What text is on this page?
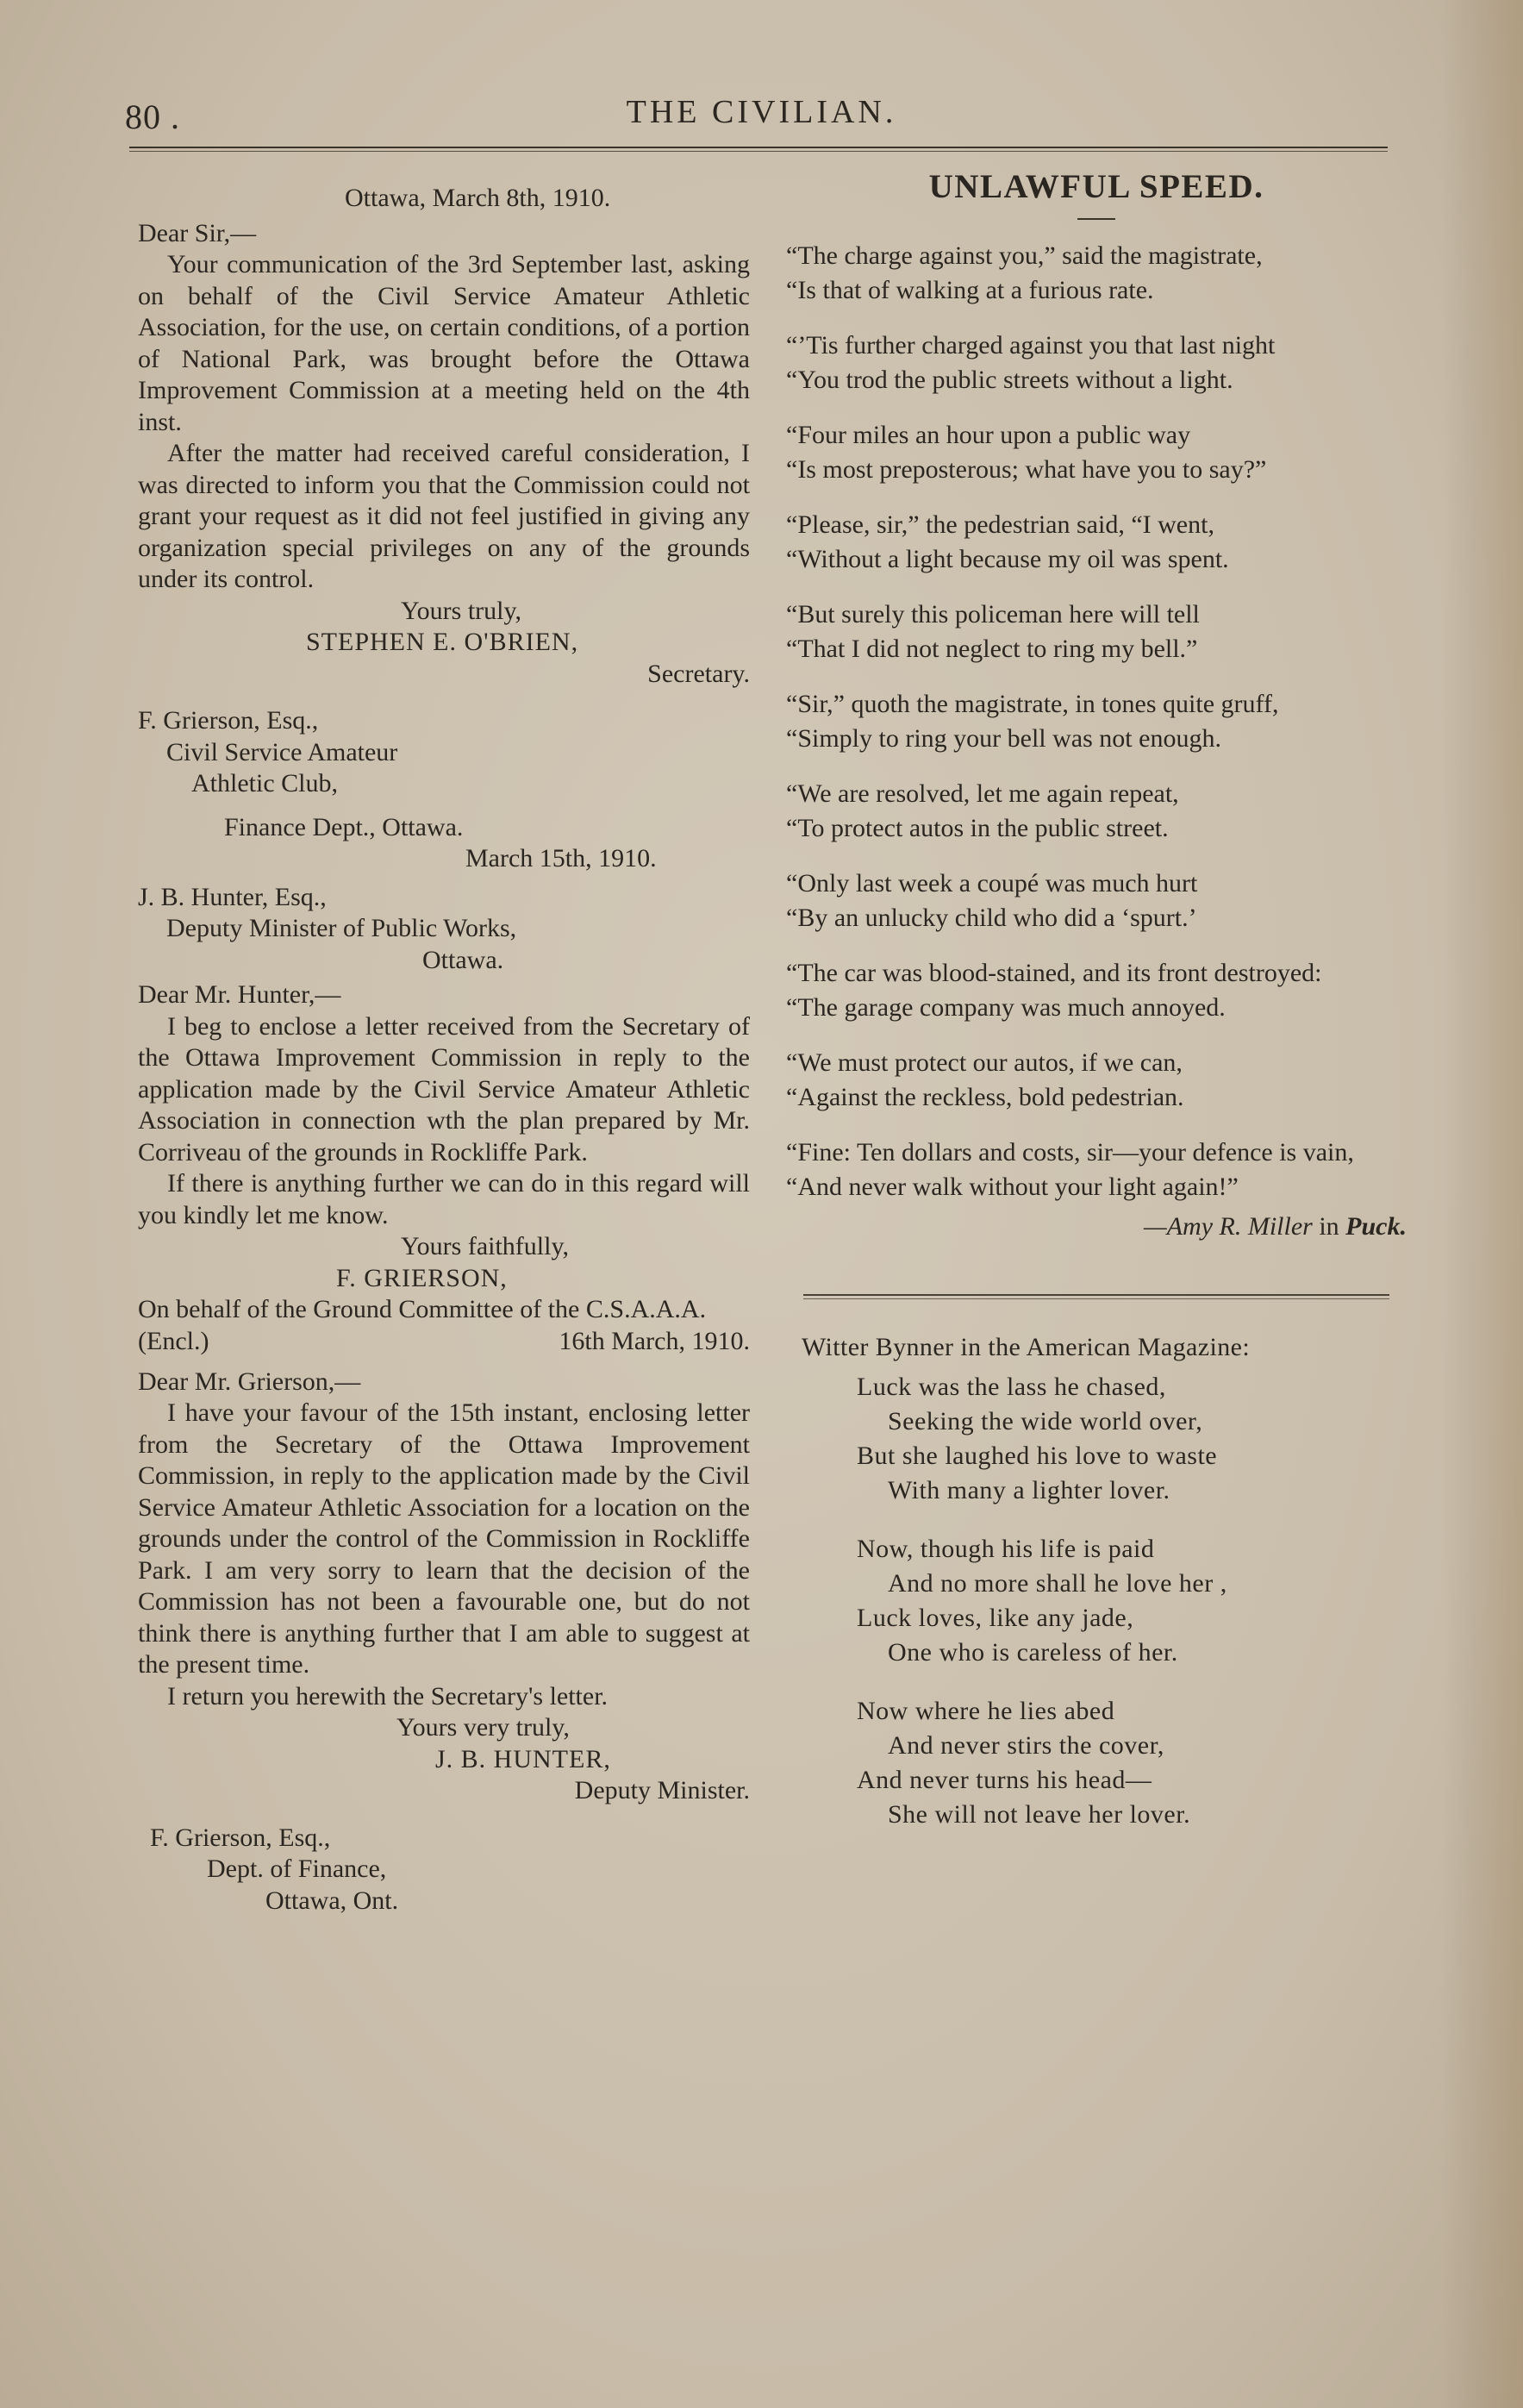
80 .	THE CIVILIAN.

Ottawa, March 8th, 1910.

Dear Sir,—

Your communication of the 3rd September last, asking on behalf of the Civil Service Amateur Athletic Association, for the use, on certain conditions, of a portion of National Park, was brought before the Ottawa Improvement Commission at a meeting held on the 4th inst.

After the matter had received careful consideration, I was directed to inform you that the Commission could not grant your request as it did not feel justified in giving any organization special privileges on any of the grounds under its control.

Yours truly,

STEPHEN E. O'BRIEN,

Secretary.

F. Grierson, Esq.,

Civil Service Amateur

Athletic Club,

Finance Dept., Ottawa.

March 15th, 1910.

J. B. Hunter, Esq.,

Deputy Minister of Public Works,

Ottawa.

Dear Mr. Hunter,—

I beg to enclose a letter received from the Secretary of the Ottawa Improvement Commission in reply to the application made by the Civil Service Amateur Athletic Association in connection wth the plan prepared by Mr. Corriveau of the grounds in Rockliffe Park.

If there is anything further we can do in this regard will you kindly let me know.

Yours faithfully,

F. GRIERSON,

On behalf of the Ground Committee of the C.S.A.A.A.

(Encl.)	16th March, 1910.

Dear Mr. Grierson,—

I have your favour of the 15th instant, enclosing letter from the Secretary of the Ottawa Improvement Commission, in reply to the application made by the Civil Service Amateur Athletic Association for a location on the grounds under the control of the Commission in Rockliffe Park. I am very sorry to learn that the decision of the Commission has not been a favourable one, but do not think there is anything further that I am able to suggest at the present time.

I return you herewith the Secretary's letter.

Yours very truly,

J. B. HUNTER,

Deputy Minister.

F. Grierson, Esq.,

Dept. of Finance,

Ottawa, Ont.

UNLAWFUL SPEED.

“The charge against you,” said the magistrate,

“Is that of walking at a furious rate.

“’Tis further charged against you that last night

“You trod the public streets without a light.

“Four miles an hour upon a public way

“Is most preposterous; what have you to say?”

“Please, sir,” the pedestrian said, “I went,

“Without a light because my oil was spent.

“But surely this policeman here will tell

“That I did not neglect to ring my bell.”

“Sir,” quoth the magistrate, in tones quite gruff,

“Simply to ring your bell was not enough.

“We are resolved, let me again repeat,

“To protect autos in the public street.

“Only last week a coupé was much hurt

“By an unlucky child who did a ‘spurt.’

“The car was blood-stained, and its front destroyed:

“The garage company was much annoyed.

“We must protect our autos, if we can,

“Against the reckless, bold pedestrian.

“Fine: Ten dollars and costs, sir—your defence is vain,

“And never walk without your light again!”

—Amy R. Miller in Puck.

Witter Bynner in the American Magazine:

Luck was the lass he chased,

Seeking the wide world over,

But she laughed his love to waste

With many a lighter lover.

Now, though his life is paid

And no more shall he love her ,

Luck loves, like any jade,

One who is careless of her.

Now where he lies abed

And never stirs the cover,

And never turns his head—

She will not leave her lover.
